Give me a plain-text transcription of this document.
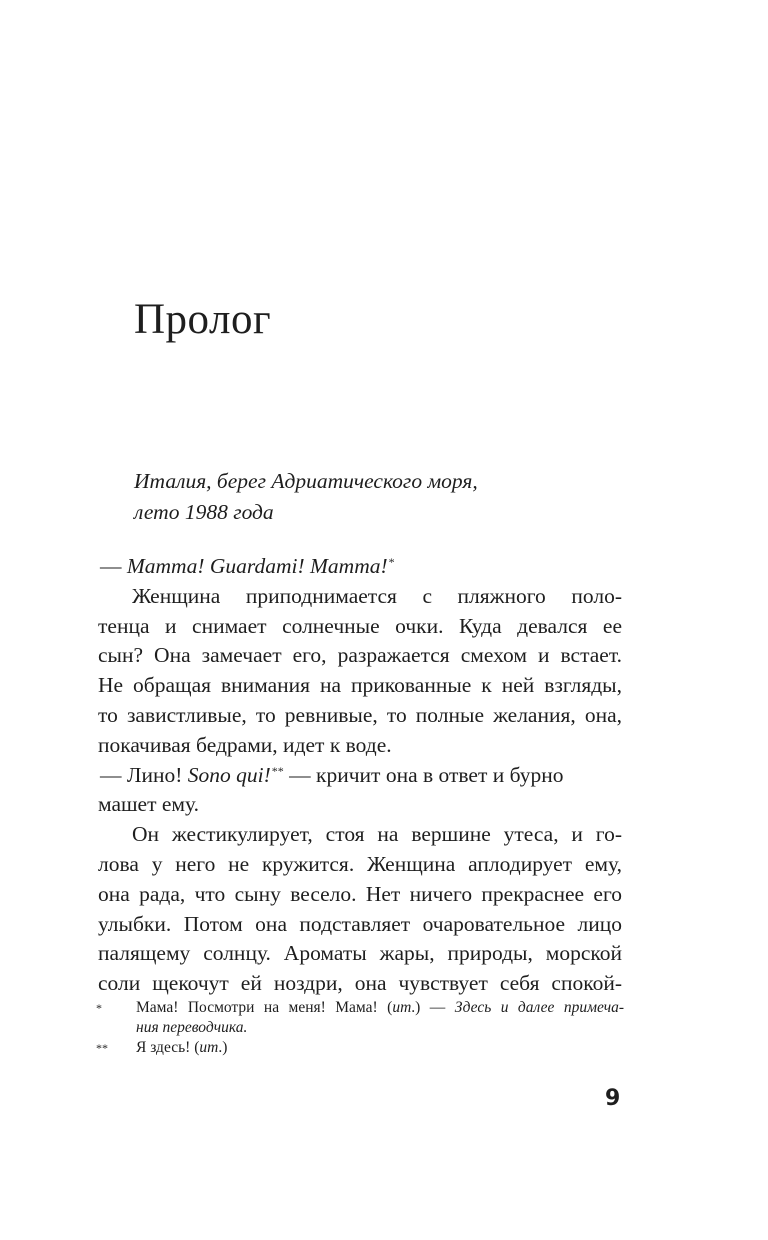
Пролог
Италия, берег Адриатического моря,
лето 1988 года
— Mamma! Guardami! Mamma!*
Женщина приподнимается с пляжного поло-
тенца и снимает солнечные очки. Куда девался ее
сын? Она замечает его, разражается смехом и встает.
Не обращая внимания на прикованные к ней взгляды,
то завистливые, то ревнивые, то полные желания, она,
покачивая бедрами, идет к воде.
— Лино! Sono qui!** — кричит она в ответ и бурно
машет ему.
Он жестикулирует, стоя на вершине утеса, и го-
лова у него не кружится. Женщина аплодирует ему,
она рада, что сыну весело. Нет ничего прекраснее его
улыбки. Потом она подставляет очаровательное лицо
палящему солнцу. Ароматы жары, природы, морской
соли щекочут ей ноздри, она чувствует себя спокой-
* Мама! Посмотри на меня! Мама! (ит.) — Здесь и далее примеча-
ния переводчика.
** Я здесь! (ит.)
9
